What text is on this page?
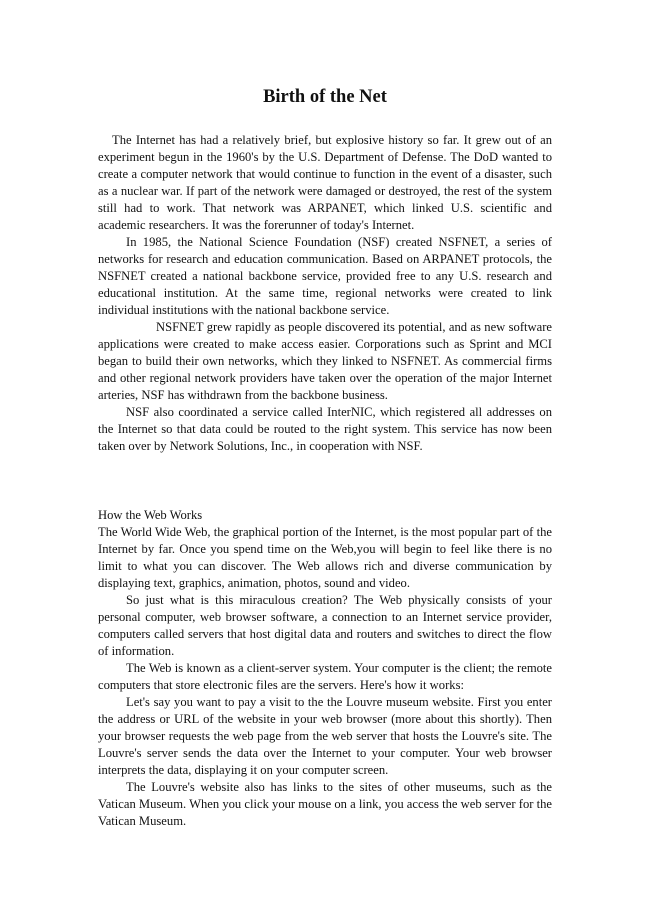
Birth of the Net

The Internet has had a relatively brief, but explosive history so far. It grew out of an experiment begun in the 1960's by the U.S. Department of Defense. The DoD wanted to create a computer network that would continue to function in the event of a disaster, such as a nuclear war. If part of the network were damaged or destroyed, the rest of the system still had to work. That network was ARPANET, which linked U.S. scientific and academic researchers. It was the forerunner of today's Internet.

In 1985, the National Science Foundation (NSF) created NSFNET, a series of networks for research and education communication. Based on ARPANET protocols, the NSFNET created a national backbone service, provided free to any U.S. research and educational institution. At the same time, regional networks were created to link individual institutions with the national backbone service.

NSFNET grew rapidly as people discovered its potential, and as new software applications were created to make access easier. Corporations such as Sprint and MCI began to build their own networks, which they linked to NSFNET. As commercial firms and other regional network providers have taken over the operation of the major Internet arteries, NSF has withdrawn from the backbone business.

NSF also coordinated a service called InterNIC, which registered all addresses on the Internet so that data could be routed to the right system. This service has now been taken over by Network Solutions, Inc., in cooperation with NSF.

How the Web Works

The World Wide Web, the graphical portion of the Internet, is the most popular part of the Internet by far. Once you spend time on the Web,you will begin to feel like there is no limit to what you can discover. The Web allows rich and diverse communication by displaying text, graphics, animation, photos, sound and video.

So just what is this miraculous creation? The Web physically consists of your personal computer, web browser software, a connection to an Internet service provider, computers called servers that host digital data and routers and switches to direct the flow of information.

The Web is known as a client-server system. Your computer is the client; the remote computers that store electronic files are the servers. Here's how it works:

Let's say you want to pay a visit to the the Louvre museum website. First you enter the address or URL of the website in your web browser (more about this shortly). Then your browser requests the web page from the web server that hosts the Louvre's site. The Louvre's server sends the data over the Internet to your computer. Your web browser interprets the data, displaying it on your computer screen.

The Louvre's website also has links to the sites of other museums, such as the Vatican Museum. When you click your mouse on a link, you access the web server for the Vatican Museum.
